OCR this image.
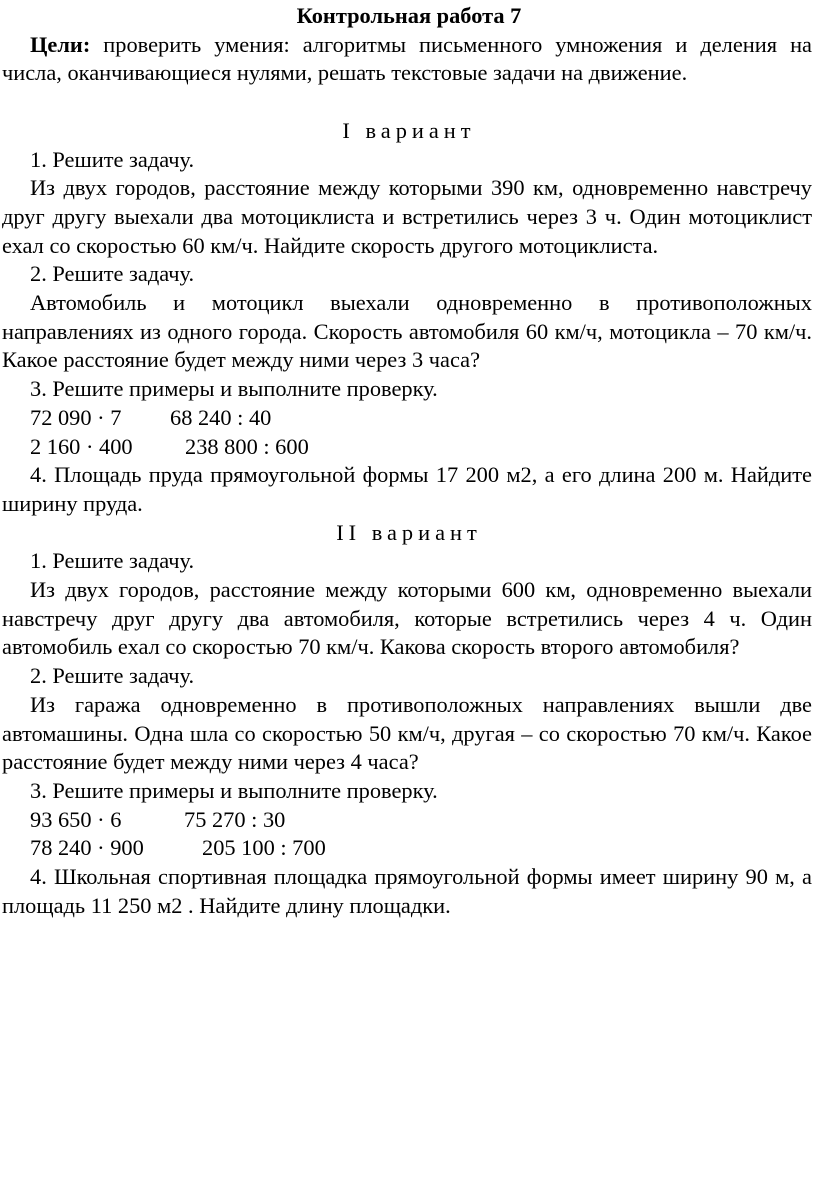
Контрольная работа 7

Цели: проверить умения: алгоритмы письменного умножения и деления на числа, оканчивающиеся нулями, решать текстовые задачи на движение.

I вариант

1. Решите задачу.

Из двух городов, расстояние между которыми 390 км, одновременно навстречу друг другу выехали два мотоциклиста и встретились через 3 ч. Один мотоциклист ехал со скоростью 60 км/ч. Найдите скорость другого мотоциклиста.

2. Решите задачу.

Автомобиль и мотоцикл выехали одновременно в противоположных направлениях из одного города. Скорость автомобиля 60 км/ч, мотоцикла – 70 км/ч. Какое расстояние будет между ними через 3 часа?

3. Решите примеры и выполните проверку.

72 090 · 7 68 240 : 40

2 160 · 400 238 800 : 600

4. Площадь пруда прямоугольной формы 17 200 м2, а его длина 200 м. Найдите ширину пруда.

II вариант

1. Решите задачу.

Из двух городов, расстояние между которыми 600 км, одновременно выехали навстречу друг другу два автомобиля, которые встретились через 4 ч. Один автомобиль ехал со скоростью 70 км/ч. Какова скорость второго автомобиля?

2. Решите задачу.

Из гаража одновременно в противоположных направлениях вышли две автомашины. Одна шла со скоростью 50 км/ч, другая – со скоростью 70 км/ч. Какое расстояние будет между ними через 4 часа?

3. Решите примеры и выполните проверку.

93 650 · 6	75 270 : 30

78 240 · 900	205 100 : 700

4. Школьная спортивная площадка прямоугольной формы имеет ширину 90 м, а площадь 11 250 м2 . Найдите длину площадки.
